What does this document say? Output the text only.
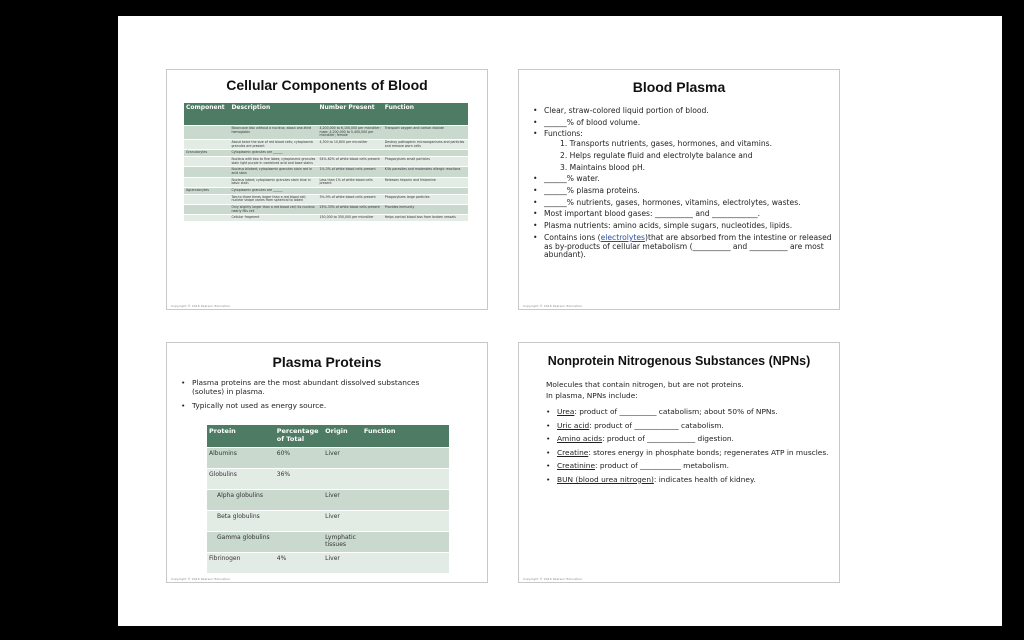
Cellular Components of Blood
Component	Description	Number Present	Function
	Biconcave disc without a nucleus; about one-third hemoglobin	4,200,000 to 6,100,000 per microliter; male: 4,200,000 to 5,400,000 per microliter; female	Transport oxygen and carbon dioxide
	About twice the size of red blood cells; cytoplasmic granules are present	4,300 to 10,800 per microliter	Destroy pathogenic microorganisms and particles and remove worn cells
Granulocytes	Cytoplasmic granules are ______		
	Nucleus with two to five lobes; cytoplasmic granules stain light purple in combined acid and base stains	54%-62% of white blood cells present	Phagocytizes small particles
	Nucleus bilobed; cytoplasmic granules stain red in acid stain	1%-3% of white blood cells present	Kills parasites and moderates allergic reactions
	Nucleus lobed; cytoplasmic granules stain blue in basic stain	Less than 1% of white blood cells present	Releases heparin and histamine
Agranulocytes	Cytoplasmic granules are ______		
	Two to three times larger than a red blood cell; nuclear shape varies from spherical to lobed	3%-9% of white blood cells present	Phagocytizes large particles
	Only slightly larger than a red blood cell; its nucleus nearly fills cell	25%-33% of white blood cells present	Provides immunity
	Cellular fragment	150,000 to 350,000 per microliter	Helps control blood loss from broken vessels
Copyright © 2016 Pearson Education
Blood Plasma
• Clear, straw-colored liquid portion of blood.
• ______% of blood volume.
• Functions:
1. Transports nutrients, gases, hormones, and vitamins.
2. Helps regulate fluid and electrolyte balance and
3. Maintains blood pH.
• ______% water.
• ______% plasma proteins.
• ______% nutrients, gases, hormones, vitamins, electrolytes, wastes.
• Most important blood gases: __________ and ____________.
• Plasma nutrients: amino acids, simple sugars, nucleotides, lipids.
• Contains ions (electrolytes)that are absorbed from the intestine or released as by-products of cellular metabolism (__________ and __________ are most abundant).
Copyright © 2016 Pearson Education
Plasma Proteins
• Plasma proteins are the most abundant dissolved substances (solutes) in plasma.
• Typically not used as energy source.
Protein	Percentage of Total	Origin	Function
Albumins	60%	Liver	
Globulins	36%		
Alpha globulins		Liver	
Beta globulins		Liver	
Gamma globulins		Lymphatic tissues	
Fibrinogen	4%	Liver	
Copyright © 2016 Pearson Education
Nonprotein Nitrogenous Substances (NPNs)
Molecules that contain nitrogen, but are not proteins.
In plasma, NPNs include:
• Urea: product of __________ catabolism; about 50% of NPNs.
• Uric acid: product of ____________ catabolism.
• Amino acids: product of _____________ digestion.
• Creatine: stores energy in phosphate bonds; regenerates ATP in muscles.
• Creatinine: product of ___________ metabolism.
• BUN (blood urea nitrogen): indicates health of kidney.
Copyright © 2016 Pearson Education
